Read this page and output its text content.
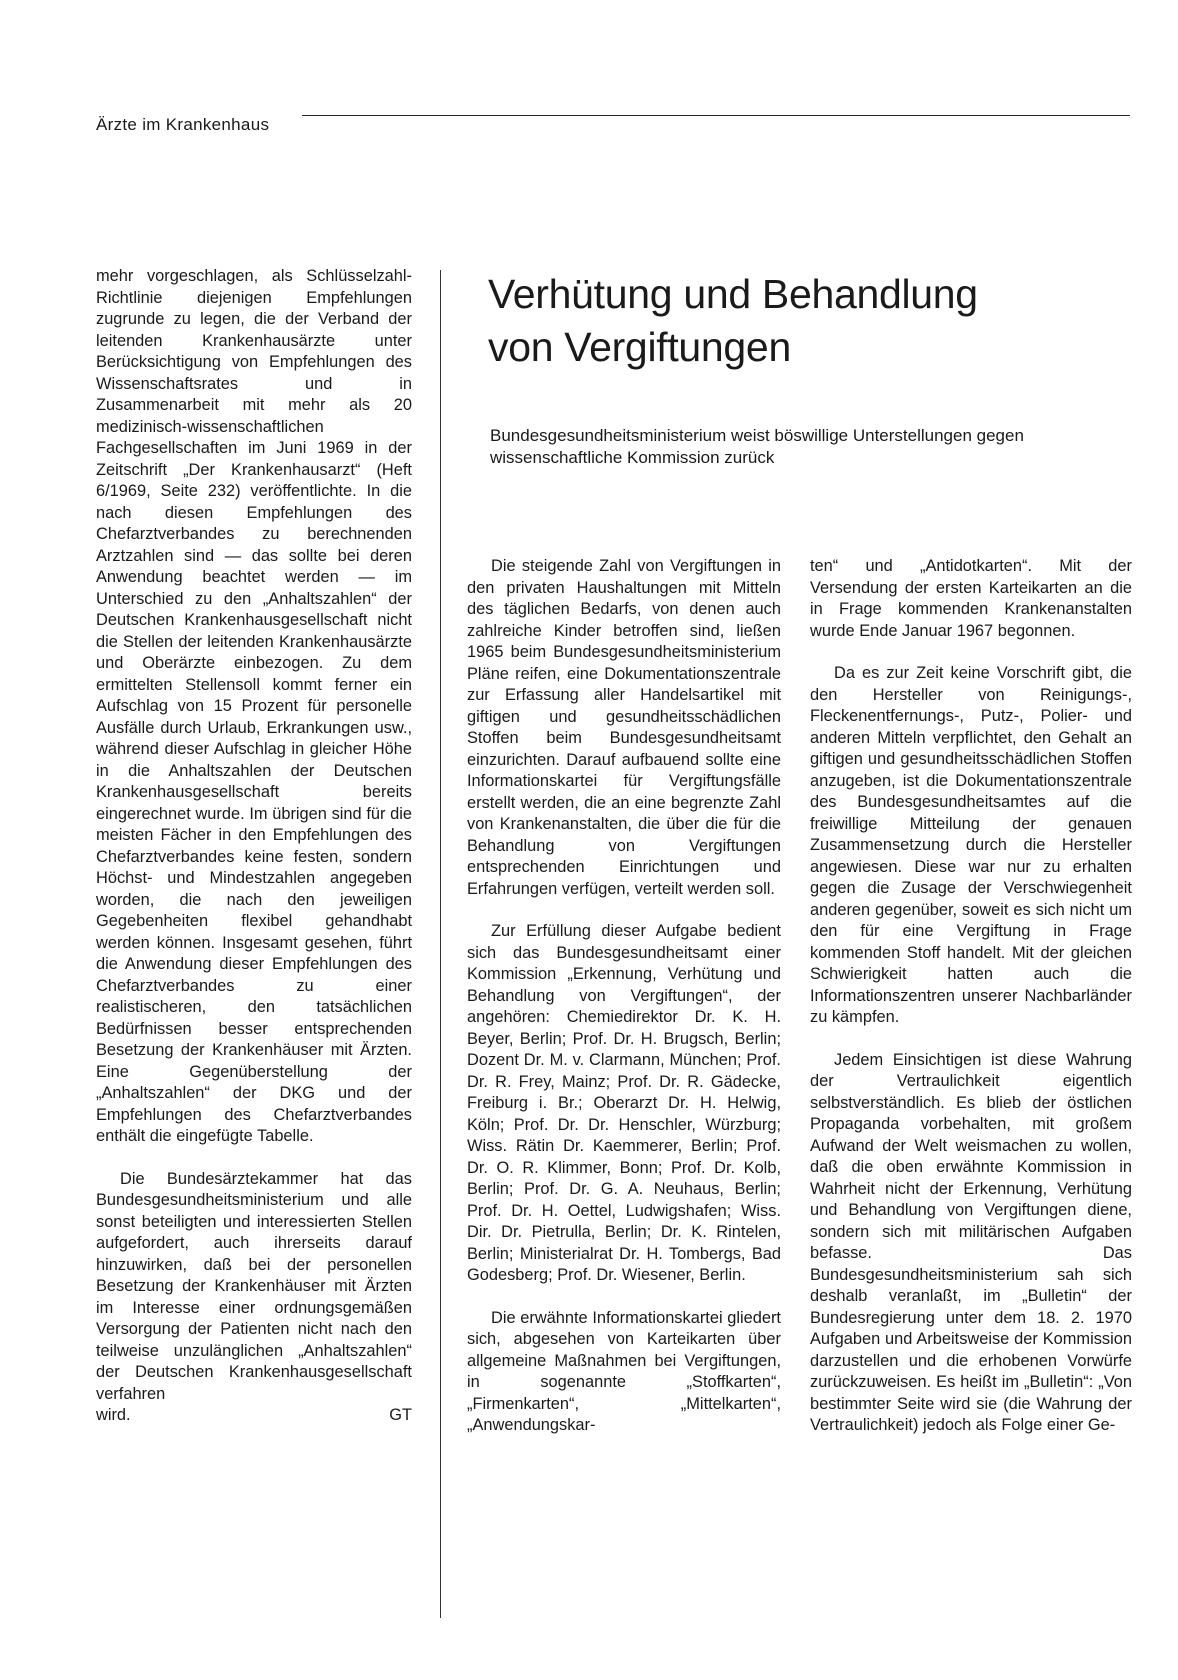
Ärzte im Krankenhaus

mehr vorgeschlagen, als Schlüsselzahl-Richtlinie diejenigen Empfehlungen zugrunde zu legen, die der Verband der leitenden Krankenhausärzte unter Berücksichtigung von Empfehlungen des Wissenschaftsrates und in Zusammenarbeit mit mehr als 20 medizinisch-wissenschaftlichen Fachgesellschaften im Juni 1969 in der Zeitschrift „Der Krankenhausarzt“ (Heft 6/1969, Seite 232) veröffentlichte. In die nach diesen Empfehlungen des Chefarztverbandes zu berechnenden Arztzahlen sind — das sollte bei deren Anwendung beachtet werden — im Unterschied zu den „Anhaltszahlen“ der Deutschen Krankenhausgesellschaft nicht die Stellen der leitenden Krankenhausärzte und Oberärzte einbezogen. Zu dem ermittelten Stellensoll kommt ferner ein Aufschlag von 15 Prozent für personelle Ausfälle durch Urlaub, Erkrankungen usw., während dieser Aufschlag in gleicher Höhe in die Anhaltszahlen der Deutschen Krankenhausgesellschaft bereits eingerechnet wurde. Im übrigen sind für die meisten Fächer in den Empfehlungen des Chefarztverbandes keine festen, sondern Höchst- und Mindestzahlen angegeben worden, die nach den jeweiligen Gegebenheiten flexibel gehandhabt werden können. Insgesamt gesehen, führt die Anwendung dieser Empfehlungen des Chefarztverbandes zu einer realistischeren, den tatsächlichen Bedürfnissen besser entsprechenden Besetzung der Krankenhäuser mit Ärzten. Eine Gegenüberstellung der „Anhaltszahlen“ der DKG und der Empfehlungen des Chefarztverbandes enthält die eingefügte Tabelle.

Die Bundesärztekammer hat das Bundesgesundheitsministerium und alle sonst beteiligten und interessierten Stellen aufgefordert, auch ihrerseits darauf hinzuwirken, daß bei der personellen Besetzung der Krankenhäuser mit Ärzten im Interesse einer ordnungsgemäßen Versorgung der Patienten nicht nach den teilweise unzulänglichen „Anhaltszahlen“ der Deutschen Krankenhausgesellschaft verfahren

wird.	GT
Verhütung und Behandlung
von Vergiftungen

Bundesgesundheitsministerium weist böswillige Unterstellungen gegen wissenschaftliche Kommission zurück

Die steigende Zahl von Vergiftungen in den privaten Haushaltungen mit Mitteln des täglichen Bedarfs, von denen auch zahlreiche Kinder betroffen sind, ließen 1965 beim Bundesgesundheitsministerium Pläne reifen, eine Dokumentationszentrale zur Erfassung aller Handelsartikel mit giftigen und gesundheitsschädlichen Stoffen beim Bundesgesundheitsamt einzurichten. Darauf aufbauend sollte eine Informationskartei für Vergiftungsfälle erstellt werden, die an eine begrenzte Zahl von Krankenanstalten, die über die für die Behandlung von Vergiftungen entsprechenden Einrichtungen und Erfahrungen verfügen, verteilt werden soll.

Zur Erfüllung dieser Aufgabe bedient sich das Bundesgesundheitsamt einer Kommission „Erkennung, Verhütung und Behandlung von Vergiftungen“, der angehören: Chemiedirektor Dr. K. H. Beyer, Berlin; Prof. Dr. H. Brugsch, Berlin; Dozent Dr. M. v. Clarmann, München; Prof. Dr. R. Frey, Mainz; Prof. Dr. R. Gädecke, Freiburg i. Br.; Oberarzt Dr. H. Helwig, Köln; Prof. Dr. Dr. Henschler, Würzburg; Wiss. Rätin Dr. Kaemmerer, Berlin; Prof. Dr. O. R. Klimmer, Bonn; Prof. Dr. Kolb, Berlin; Prof. Dr. G. A. Neuhaus, Berlin; Prof. Dr. H. Oettel, Ludwigshafen; Wiss. Dir. Dr. Pietrulla, Berlin; Dr. K. Rintelen, Berlin; Ministerialrat Dr. H. Tombergs, Bad Godesberg; Prof. Dr. Wiesener, Berlin.

Die erwähnte Informationskartei gliedert sich, abgesehen von Karteikarten über allgemeine Maßnahmen bei Vergiftungen, in sogenannte „Stoffkarten“, „Firmenkarten“, „Mittelkarten“, „Anwendungskar-

ten“ und „Antidotkarten“. Mit der Versendung der ersten Karteikarten an die in Frage kommenden Krankenanstalten wurde Ende Januar 1967 begonnen.

Da es zur Zeit keine Vorschrift gibt, die den Hersteller von Reinigungs-, Fleckenentfernungs-, Putz-, Polier- und anderen Mitteln verpflichtet, den Gehalt an giftigen und gesundheitsschädlichen Stoffen anzugeben, ist die Dokumentationszentrale des Bundesgesundheitsamtes auf die freiwillige Mitteilung der genauen Zusammensetzung durch die Hersteller angewiesen. Diese war nur zu erhalten gegen die Zusage der Verschwiegenheit anderen gegenüber, soweit es sich nicht um den für eine Vergiftung in Frage kommenden Stoff handelt. Mit der gleichen Schwierigkeit hatten auch die Informationszentren unserer Nachbarländer zu kämpfen.

Jedem Einsichtigen ist diese Wahrung der Vertraulichkeit eigentlich selbstverständlich. Es blieb der östlichen Propaganda vorbehalten, mit großem Aufwand der Welt weismachen zu wollen, daß die oben erwähnte Kommission in Wahrheit nicht der Erkennung, Verhütung und Behandlung von Vergiftungen diene, sondern sich mit militärischen Aufgaben befasse. Das Bundesgesundheitsministerium sah sich deshalb veranlaßt, im „Bulletin“ der Bundesregierung unter dem 18. 2. 1970 Aufgaben und Arbeitsweise der Kommission darzustellen und die erhobenen Vorwürfe zurückzuweisen. Es heißt im „Bulletin“: „Von bestimmter Seite wird sie (die Wahrung der Vertraulichkeit) jedoch als Folge einer Ge-
